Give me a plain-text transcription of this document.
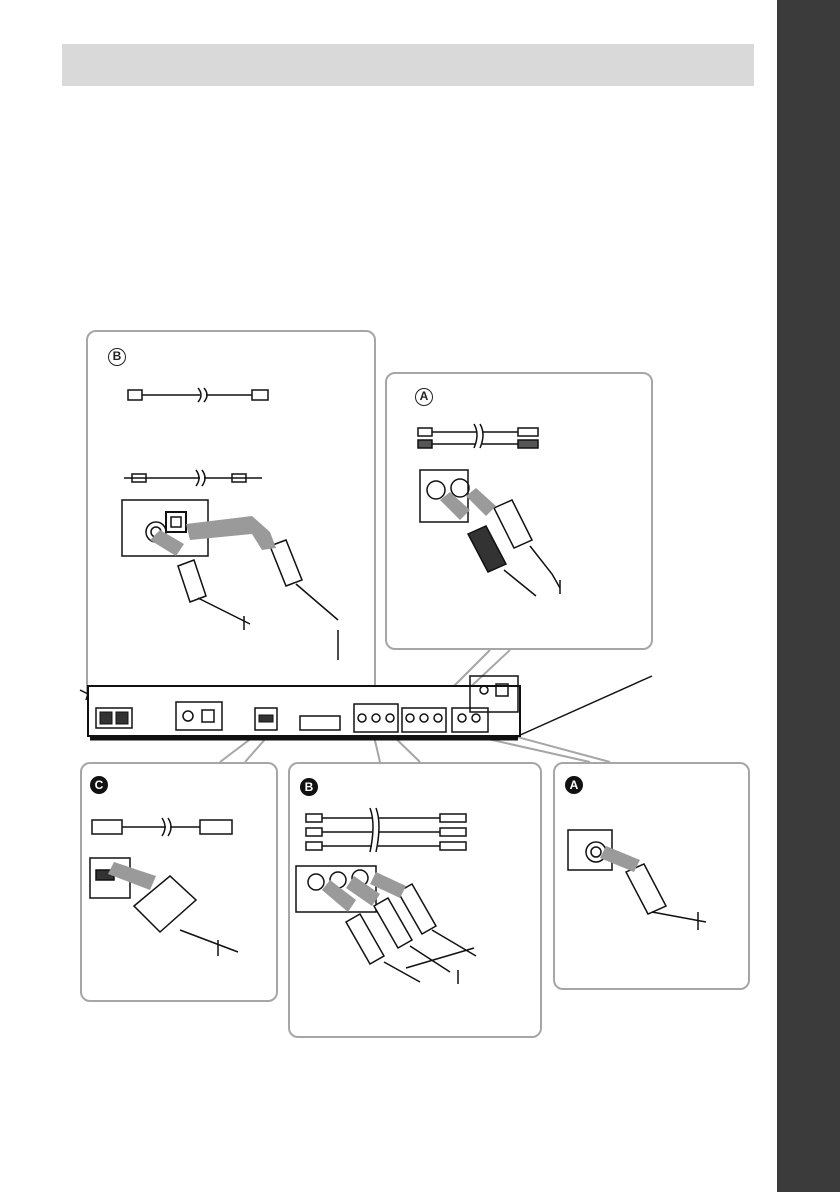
B
A
C	B	A
